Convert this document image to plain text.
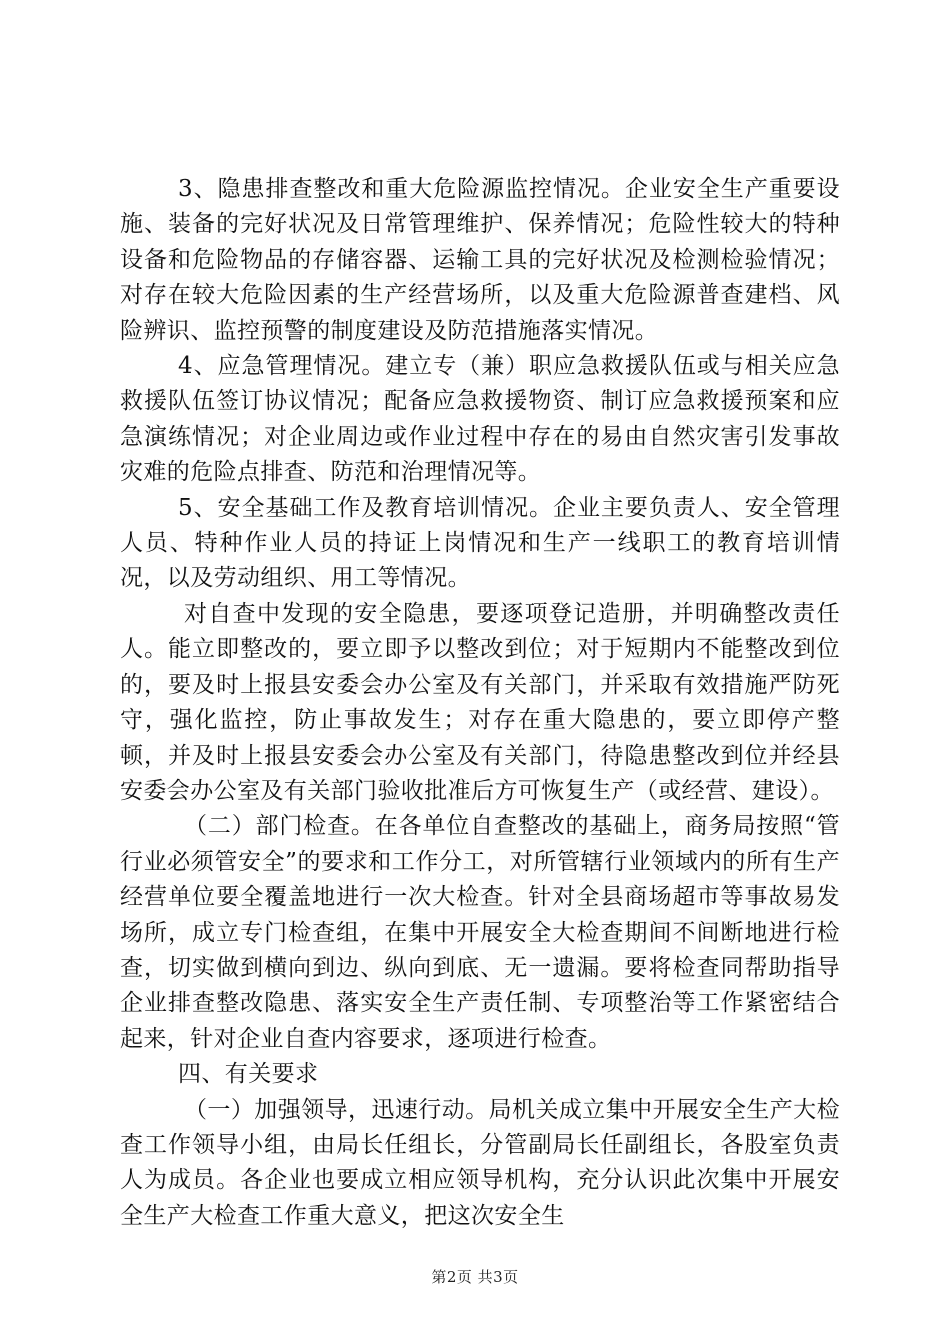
3、隐患排查整改和重大危险源监控情况。企业安全生产重要设施、装备的完好状况及日常管理维护、保养情况；危险性较大的特种设备和危险物品的存储容器、运输工具的完好状况及检测检验情况；对存在较大危险因素的生产经营场所，以及重大危险源普查建档、风险辨识、监控预警的制度建设及防范措施落实情况。

4、应急管理情况。建立专（兼）职应急救援队伍或与相关应急救援队伍签订协议情况；配备应急救援物资、制订应急救援预案和应急演练情况；对企业周边或作业过程中存在的易由自然灾害引发事故灾难的危险点排查、防范和治理情况等。

5、安全基础工作及教育培训情况。企业主要负责人、安全管理人员、特种作业人员的持证上岗情况和生产一线职工的教育培训情况，以及劳动组织、用工等情况。

对自查中发现的安全隐患，要逐项登记造册，并明确整改责任人。能立即整改的，要立即予以整改到位；对于短期内不能整改到位的，要及时上报县安委会办公室及有关部门，并采取有效措施严防死守，强化监控，防止事故发生；对存在重大隐患的，要立即停产整顿，并及时上报县安委会办公室及有关部门，待隐患整改到位并经县安委会办公室及有关部门验收批准后方可恢复生产（或经营、建设）。

（二）部门检查。在各单位自查整改的基础上，商务局按照“管行业必须管安全”的要求和工作分工，对所管辖行业领域内的所有生产经营单位要全覆盖地进行一次大检查。针对全县商场超市等事故易发场所，成立专门检查组，在集中开展安全大检查期间不间断地进行检查，切实做到横向到边、纵向到底、无一遗漏。要将检查同帮助指导企业排查整改隐患、落实安全生产责任制、专项整治等工作紧密结合起来，针对企业自查内容要求，逐项进行检查。

四、有关要求

（一）加强领导，迅速行动。局机关成立集中开展安全生产大检查工作领导小组，由局长任组长，分管副局长任副组长，各股室负责人为成员。各企业也要成立相应领导机构，充分认识此次集中开展安全生产大检查工作重大意义，把这次安全生

第2页 共3页
